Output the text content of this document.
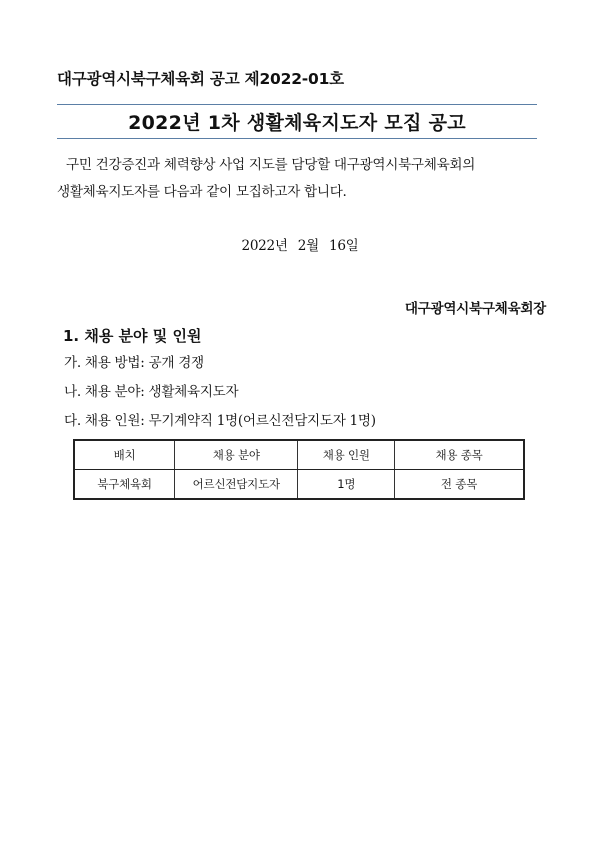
대구광역시북구체육회 공고 제2022-01호
2022년 1차 생활체육지도자 모집 공고
구민 건강증진과 체력향상 사업 지도를 담당할 대구광역시북구체육회의
생활체육지도자를 다음과 같이 모집하고자 합니다.
2022년 2월 16일
대구광역시북구체육회장
1. 채용 분야 및 인원
가. 채용 방법: 공개 경쟁
나. 채용 분야: 생활체육지도자
다. 채용 인원: 무기계약직 1명(어르신전담지도자 1명)
배치	채용 분야	채용 인원	채용 종목
북구체육회	어르신전담지도자	1명	전 종목
